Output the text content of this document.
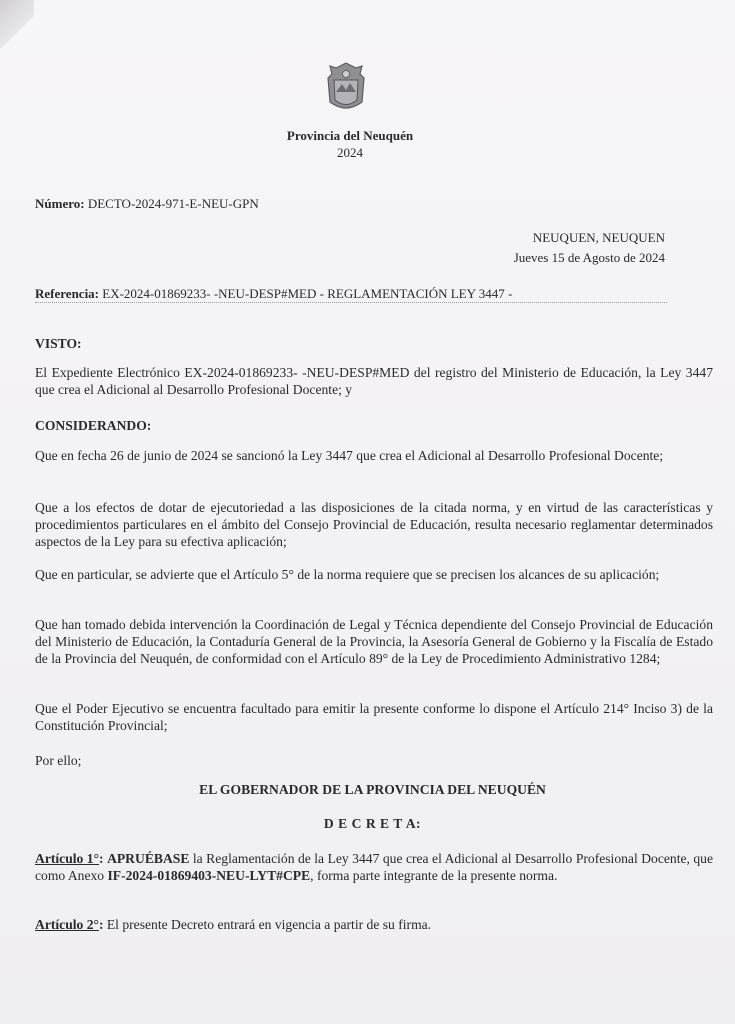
Provincia del Neuquén
2024
Número: DECTO-2024-971-E-NEU-GPN
NEUQUEN, NEUQUEN
Jueves 15 de Agosto de 2024
Referencia: EX-2024-01869233- -NEU-DESP#MED - REGLAMENTACIÓN LEY 3447 -
VISTO:
El Expediente Electrónico EX-2024-01869233- -NEU-DESP#MED del registro del Ministerio de Educación, la Ley 3447 que crea el Adicional al Desarrollo Profesional Docente; y
CONSIDERANDO:
Que en fecha 26 de junio de 2024 se sancionó la Ley 3447 que crea el Adicional al Desarrollo Profesional Docente;
Que a los efectos de dotar de ejecutoriedad a las disposiciones de la citada norma, y en virtud de las características y procedimientos particulares en el ámbito del Consejo Provincial de Educación, resulta necesario reglamentar determinados aspectos de la Ley para su efectiva aplicación;
Que en particular, se advierte que el Artículo 5° de la norma requiere que se precisen los alcances de su aplicación;
Que han tomado debida intervención la Coordinación de Legal y Técnica dependiente del Consejo Provincial de Educación del Ministerio de Educación, la Contaduría General de la Provincia, la Asesoría General de Gobierno y la Fiscalía de Estado de la Provincia del Neuquén, de conformidad con el Artículo 89° de la Ley de Procedimiento Administrativo 1284;
Que el Poder Ejecutivo se encuentra facultado para emitir la presente conforme lo dispone el Artículo 214° Inciso 3) de la Constitución Provincial;
Por ello;
EL GOBERNADOR DE LA PROVINCIA DEL NEUQUÉN
D E C R E T A:
Artículo 1°: APRUÉBASE la Reglamentación de la Ley 3447 que crea el Adicional al Desarrollo Profesional Docente, que como Anexo IF-2024-01869403-NEU-LYT#CPE, forma parte integrante de la presente norma.
Artículo 2°: El presente Decreto entrará en vigencia a partir de su firma.
